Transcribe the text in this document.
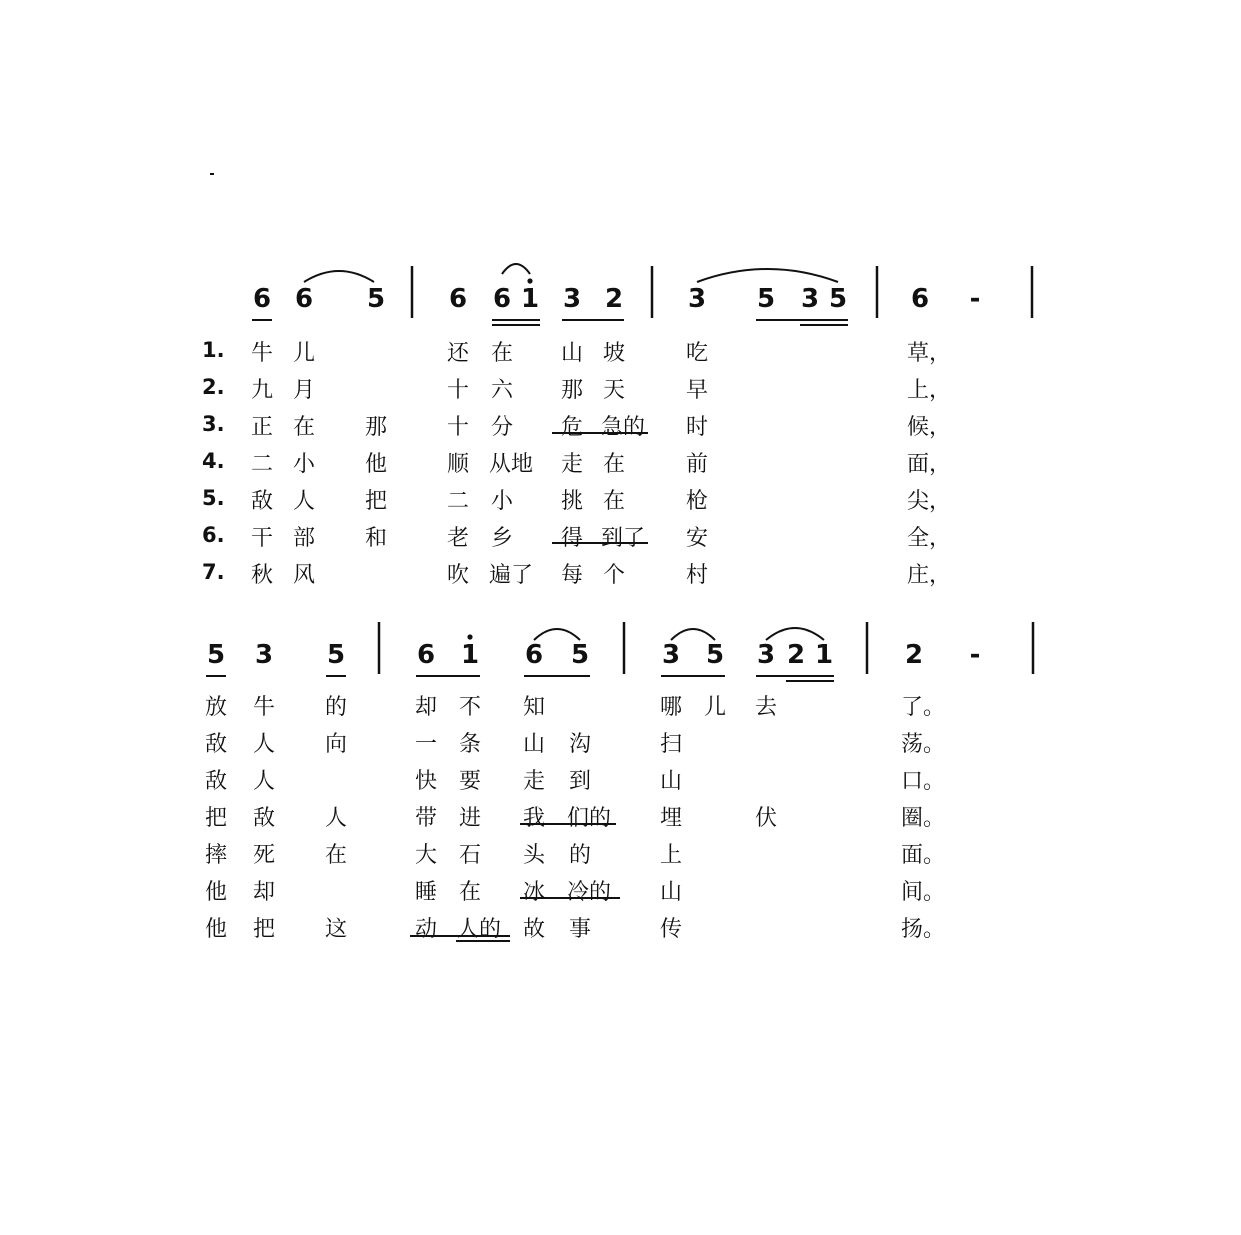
6 6 5 6 6 1 3 2 3 5 3 5 6 -
5 3 5	6 1 6 5	3 5 3 2 1	2 -
1.
2.
3.
4.
5.
6.
7.
牛 儿	还 在 山 坡	吃	草，
九 月	十 六 那 天	早	上，
正 在 那	十 分 危 急的	时	候，
二 小 他	顺 从地	走 在	前	面，
敌 人 把	二 小 挑 在	枪	尖，
干 部 和	老 乡 得 到了	安	全，
秋 风	吹 遍了	每 个	村	庄，
放 牛 的	却 不 知	哪 儿 去	了。
敌 人 向	一 条 山 沟	扫	荡。
敌 人	快 要 走 到	山	口。
把 敌 人	带 进 我 们的	埋	伏	圈。
摔 死 在	大 石 头 的	上	面。
他 却	睡 在 冰 冷的	山	间。
他 把 这	动 人的 故 事	传	扬。
